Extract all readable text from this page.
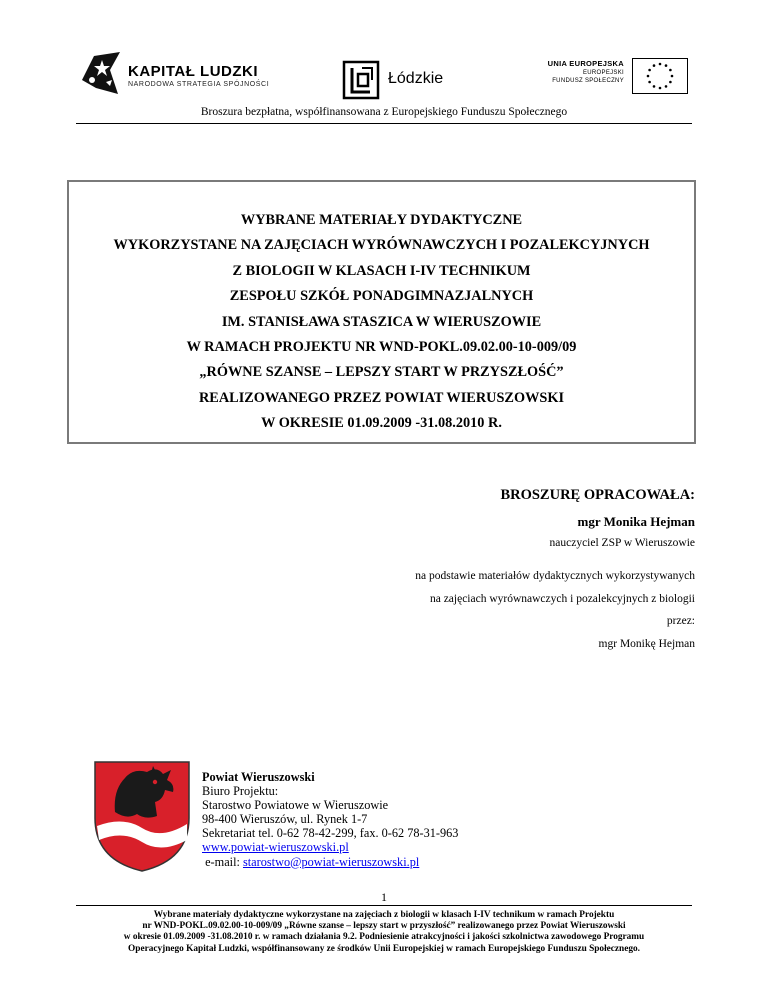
KAPITAŁ LUDZKI
NARODOWA STRATEGIA SPÓJNOŚCI	Łódzkie
UNIA EUROPEJSKA
EUROPEJSKI
FUNDUSZ SPOŁECZNY
Broszura bezpłatna, współfinansowana z Europejskiego Funduszu Społecznego
WYBRANE MATERIAŁY DYDAKTYCZNE
WYKORZYSTANE NA ZAJĘCIACH WYRÓWNAWCZYCH I POZALEKCYJNYCH
Z BIOLOGII W KLASACH I-IV TECHNIKUM
ZESPOŁU SZKÓŁ PONADGIMNAZJALNYCH
IM. STANISŁAWA STASZICA W WIERUSZOWIE
W RAMACH PROJEKTU NR WND-POKL.09.02.00-10-009/09
„RÓWNE SZANSE – LEPSZY START W PRZYSZŁOŚĆ”
REALIZOWANEGO PRZEZ POWIAT WIERUSZOWSKI
W OKRESIE 01.09.2009 -31.08.2010 R.
BROSZURĘ OPRACOWAŁA:
mgr Monika Hejman
nauczyciel ZSP w Wieruszowie
na podstawie materiałów dydaktycznych wykorzystywanych
na zajęciach wyrównawczych i pozalekcyjnych z biologii
przez:
mgr Monikę Hejman
Powiat Wieruszowski
Biuro Projektu:
Starostwo Powiatowe w Wieruszowie
98-400 Wieruszów, ul. Rynek 1-7
Sekretariat tel. 0-62 78-42-299, fax. 0-62 78-31-963
www.powiat-wieruszowski.pl
e-mail: starostwo@powiat-wieruszowski.pl
1
Wybrane materiały dydaktyczne wykorzystane na zajęciach z biologii w klasach I-IV technikum w ramach Projektu
nr WND-POKL.09.02.00-10-009/09 „Równe szanse – lepszy start w przyszłość” realizowanego przez Powiat Wieruszowski
w okresie 01.09.2009 -31.08.2010 r. w ramach działania 9.2. Podniesienie atrakcyjności i jakości szkolnictwa zawodowego Programu
Operacyjnego Kapitał Ludzki, współfinansowany ze środków Unii Europejskiej w ramach Europejskiego Funduszu Społecznego.
